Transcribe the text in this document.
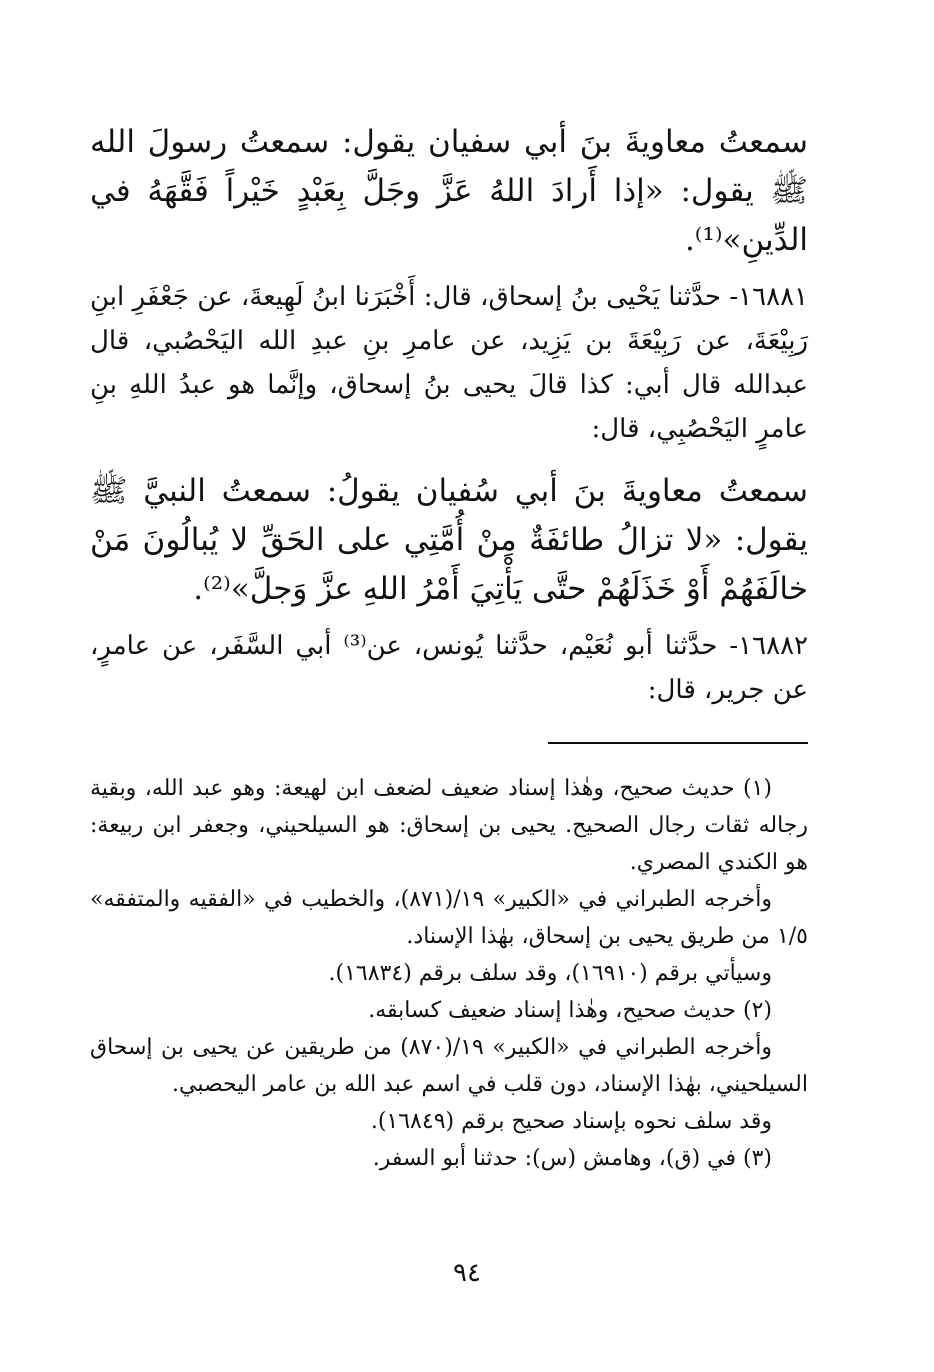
سمعتُ معاويةَ بنَ أبي سفيان يقول: سمعتُ رسولَ الله ﷺ يقول: «إذا أَرادَ اللهُ عَزَّ وجَلَّ بِعَبْدٍ خَيْراً فَقَّهَهُ في الدِّينِ»⁽¹⁾.

١٦٨٨١- حدَّثنا يَحْيى بنُ إسحاق، قال: أَخْبَرَنا ابنُ لَهِيعةَ، عن جَعْفَرِ ابنِ رَبِيْعَةَ، عن رَبِيْعَةَ بن يَزِيد، عن عامرِ بنِ عبدِ الله اليَحْصُبي، قال عبدالله قال أبي: كذا قالَ يحيى بنُ إسحاق، وإنَّما هو عبدُ اللهِ بنِ عامرٍ اليَحْصُبِي، قال:

سمعتُ معاويةَ بنَ أبي سُفيان يقولُ: سمعتُ النبيَّ ﷺ يقول: «لا تزالُ طائفَةٌ مِنْ أُمَّتِي على الحَقِّ لا يُبالُونَ مَنْ خالَفَهُمْ أَوْ خَذَلَهُمْ حتَّى يَأْتِيَ أَمْرُ اللهِ عزَّ وَجلَّ»⁽²⁾.

١٦٨٨٢- حدَّثنا أبو نُعَيْم، حدَّثنا يُونس، عن⁽³⁾ أبي السَّفَر، عن عامرٍ، عن جرير، قال:

(١) حديث صحيح، وهٰذا إسناد ضعيف لضعف ابن لهيعة: وهو عبد الله، وبقية رجاله ثقات رجال الصحيح. يحيى بن إسحاق: هو السيلحيني، وجعفر ابن ربيعة: هو الكندي المصري.

وأخرجه الطبراني في «الكبير» ١٩/(٨٧١)، والخطيب في «الفقيه والمتفقه» ١/٥ من طريق يحيى بن إسحاق، بهٰذا الإسناد.

وسيأتي برقم (١٦٩١٠)، وقد سلف برقم (١٦٨٣٤).

(٢) حديث صحيح، وهٰذا إسناد ضعيف كسابقه.

وأخرجه الطبراني في «الكبير» ١٩/(٨٧٠) من طريقين عن يحيى بن إسحاق السيلحيني، بهٰذا الإسناد، دون قلب في اسم عبد الله بن عامر اليحصبي.

وقد سلف نحوه بإسناد صحيح برقم (١٦٨٤٩).

(٣) في (ق)، وهامش (س): حدثنا أبو السفر.

٩٤
